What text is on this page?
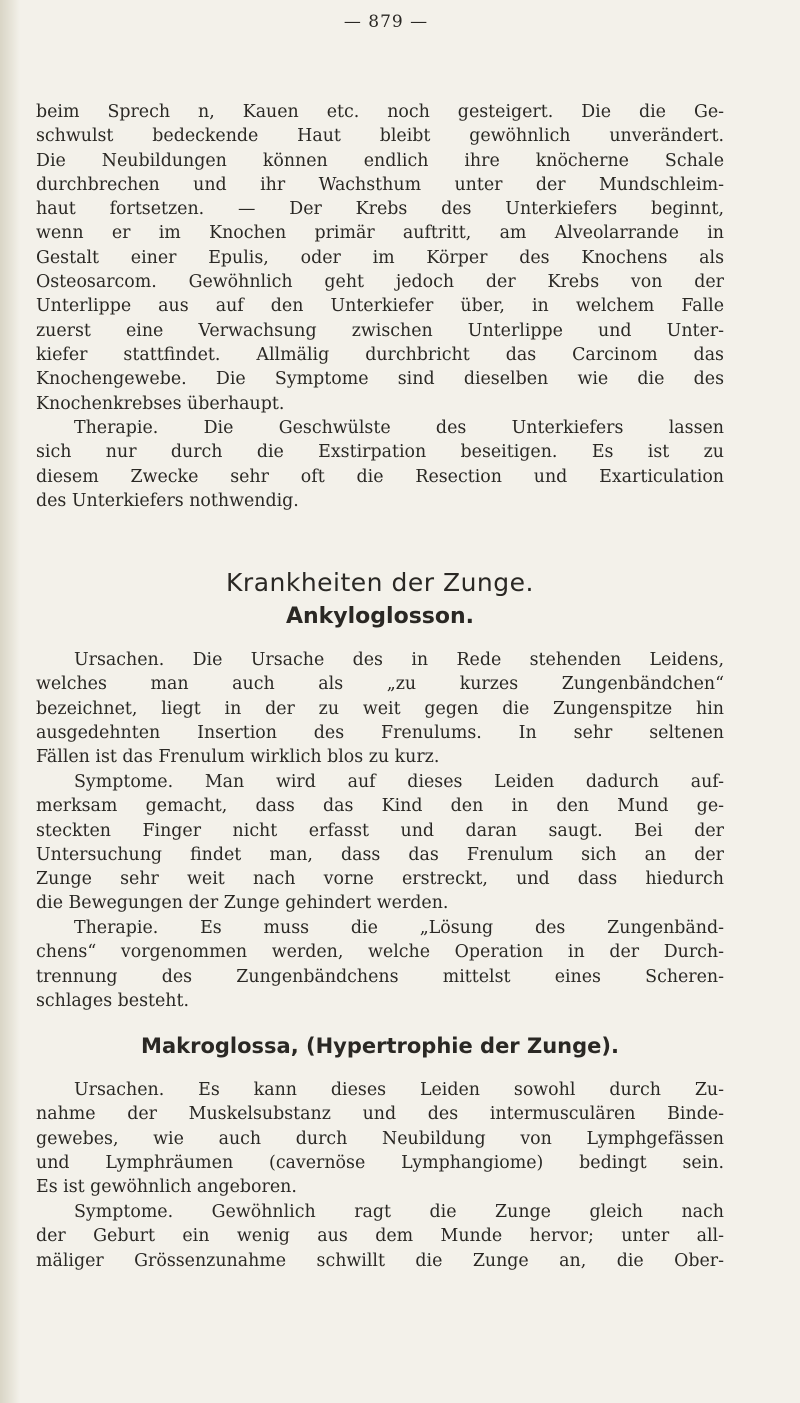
— 879 —
beim Sprech n, Kauen etc. noch gesteigert. Die die Ge-
schwulst bedeckende Haut bleibt gewöhnlich unverändert.
Die Neubildungen können endlich ihre knöcherne Schale
durchbrechen und ihr Wachsthum unter der Mundschleim-
haut fortsetzen. — Der Krebs des Unterkiefers beginnt,
wenn er im Knochen primär auftritt, am Alveolarrande in
Gestalt einer Epulis, oder im Körper des Knochens als
Osteosarcom. Gewöhnlich geht jedoch der Krebs von der
Unterlippe aus auf den Unterkiefer über, in welchem Falle
zuerst eine Verwachsung zwischen Unterlippe und Unter-
kiefer stattfindet. Allmälig durchbricht das Carcinom das
Knochengewebe. Die Symptome sind dieselben wie die des
Knochenkrebses überhaupt.
Therapie. Die Geschwülste des Unterkiefers lassen
sich nur durch die Exstirpation beseitigen. Es ist zu
diesem Zwecke sehr oft die Resection und Exarticulation
des Unterkiefers nothwendig.
Krankheiten der Zunge.
Ankyloglosson.
Ursachen. Die Ursache des in Rede stehenden Leidens,
welches man auch als „zu kurzes Zungenbändchen“
bezeichnet, liegt in der zu weit gegen die Zungenspitze hin
ausgedehnten Insertion des Frenulums. In sehr seltenen
Fällen ist das Frenulum wirklich blos zu kurz.
Symptome. Man wird auf dieses Leiden dadurch auf-
merksam gemacht, dass das Kind den in den Mund ge-
steckten Finger nicht erfasst und daran saugt. Bei der
Untersuchung findet man, dass das Frenulum sich an der
Zunge sehr weit nach vorne erstreckt, und dass hiedurch
die Bewegungen der Zunge gehindert werden.
Therapie. Es muss die „Lösung des Zungenbänd-
chens“ vorgenommen werden, welche Operation in der Durch-
trennung des Zungenbändchens mittelst eines Scheren-
schlages besteht.
Makroglossa, (Hypertrophie der Zunge).
Ursachen. Es kann dieses Leiden sowohl durch Zu-
nahme der Muskelsubstanz und des intermusculären Binde-
gewebes, wie auch durch Neubildung von Lymphgefässen
und Lymphräumen (cavernöse Lymphangiome) bedingt sein.
Es ist gewöhnlich angeboren.
Symptome. Gewöhnlich ragt die Zunge gleich nach
der Geburt ein wenig aus dem Munde hervor; unter all-
mäliger Grössenzunahme schwillt die Zunge an, die Ober-
